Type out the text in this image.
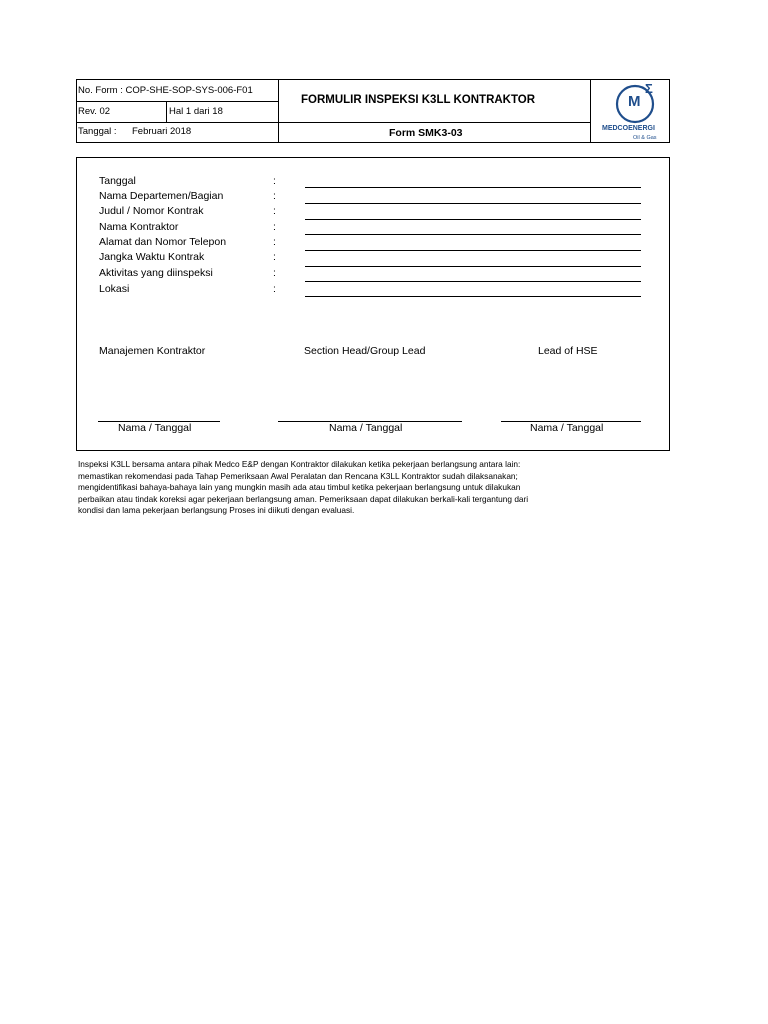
No. Form : COP-SHE-SOP-SYS-006-F01
Rev. 02	Hal 1 dari 18
Tanggal : Februari 2018
FORMULIR INSPEKSI K3LL KONTRAKTOR
Form SMK3-03
M
Σ
MEDCOENERGI
Oil & Gas
Tanggal	:
Nama Departemen/Bagian	:
Judul / Nomor Kontrak	:
Nama Kontraktor	:
Alamat dan Nomor Telepon	:
Jangka Waktu Kontrak	:
Aktivitas yang diinspeksi	:
Lokasi	:
Manajemen Kontraktor	Section Head/Group Lead	Lead of HSE
Nama / Tanggal	Nama / Tanggal	Nama / Tanggal
Inspeksi K3LL bersama antara pihak Medco E&P dengan Kontraktor dilakukan ketika pekerjaan berlangsung antara lain:
memastikan rekomendasi pada Tahap Pemeriksaan Awal Peralatan dan Rencana K3LL Kontraktor sudah dilaksanakan;
mengidentifikasi bahaya-bahaya lain yang mungkin masih ada atau timbul ketika pekerjaan berlangsung untuk dilakukan
perbaikan atau tindak koreksi agar pekerjaan berlangsung aman. Pemeriksaan dapat dilakukan berkali-kali tergantung dari
kondisi dan lama pekerjaan berlangsung Proses ini diikuti dengan evaluasi.
